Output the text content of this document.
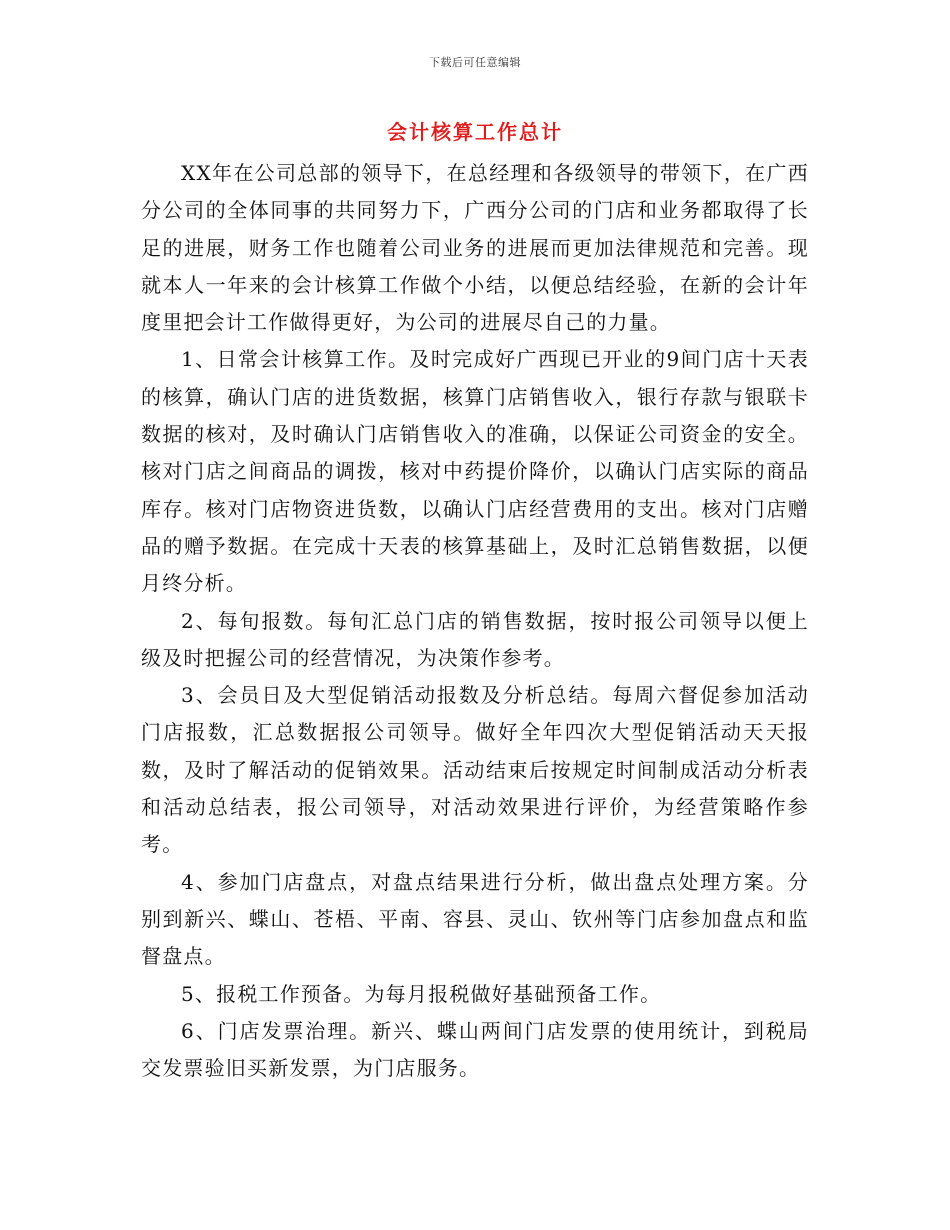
下载后可任意编辑
会计核算工作总计

XX年在公司总部的领导下，在总经理和各级领导的带领下，在广西分公司的全体同事的共同努力下，广西分公司的门店和业务都取得了长足的进展，财务工作也随着公司业务的进展而更加法律规范和完善。现就本人一年来的会计核算工作做个小结，以便总结经验，在新的会计年度里把会计工作做得更好，为公司的进展尽自己的力量。

1、日常会计核算工作。及时完成好广西现已开业的9间门店十天表的核算，确认门店的进货数据，核算门店销售收入，银行存款与银联卡数据的核对，及时确认门店销售收入的准确，以保证公司资金的安全。核对门店之间商品的调拨，核对中药提价降价，以确认门店实际的商品库存。核对门店物资进货数，以确认门店经营费用的支出。核对门店赠品的赠予数据。在完成十天表的核算基础上，及时汇总销售数据，以便月终分析。

2、每旬报数。每旬汇总门店的销售数据，按时报公司领导以便上级及时把握公司的经营情况，为决策作参考。

3、会员日及大型促销活动报数及分析总结。每周六督促参加活动门店报数，汇总数据报公司领导。做好全年四次大型促销活动天天报数，及时了解活动的促销效果。活动结束后按规定时间制成活动分析表和活动总结表，报公司领导，对活动效果进行评价，为经营策略作参考。

4、参加门店盘点，对盘点结果进行分析，做出盘点处理方案。分别到新兴、蝶山、苍梧、平南、容县、灵山、钦州等门店参加盘点和监督盘点。

5、报税工作预备。为每月报税做好基础预备工作。

6、门店发票治理。新兴、蝶山两间门店发票的使用统计，到税局交发票验旧买新发票，为门店服务。
